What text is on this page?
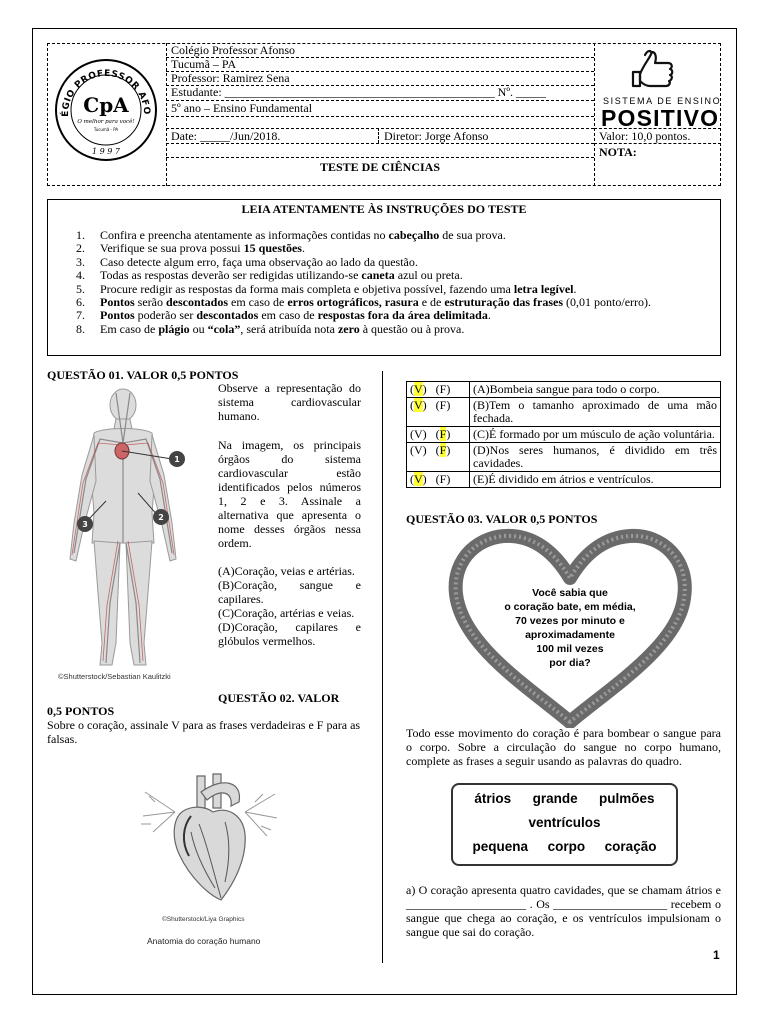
Colégio Professor Afonso
Tucumã – PA
Professor: Ramirez Sena
Estudante: _____________________________________________ Nº. _____
5º ano – Ensino Fundamental
Date: _____/Jun/2018.	Diretor: Jorge Afonso	Valor: 10,0 pontos.
NOTA:
TESTE DE CIÊNCIAS
ÉGIO PROFESSOR AFO
CpA
O melhor para você!
Tucumã - PA
1 9 9 7
SISTEMA DE ENSINO
POSITIVO
LEIA ATENTAMENTE ÀS INSTRUÇÕES DO TESTE
1. Confira e preencha atentamente as informações contidas no cabeçalho de sua prova.
2. Verifique se sua prova possui 15 questões.
3. Caso detecte algum erro, faça uma observação ao lado da questão.
4. Todas as respostas deverão ser redigidas utilizando-se caneta azul ou preta.
5. Procure redigir as respostas da forma mais completa e objetiva possível, fazendo uma letra legível.
6. Pontos serão descontados em caso de erros ortográficos, rasura e de estruturação das frases (0,01 ponto/erro).
7. Pontos poderão ser descontados em caso de respostas fora da área delimitada.
8. Em caso de plágio ou “cola”, será atribuída nota zero à questão ou à prova.
QUESTÃO 01. VALOR 0,5 PONTOS
Observe a representação do sistema cardiovascular humano.
Na imagem, os principais órgãos do sistema cardiovascular estão identificados pelos números 1, 2 e 3. Assinale a alternativa que apresenta o nome desses órgãos nessa ordem.
(A)Coração, veias e artérias.
(B)Coração, sangue e capilares.
(C)Coração, artérias e veias.
(D)Coração, capilares e glóbulos vermelhos.
1
2
3
©Shutterstock/Sebastian Kaulitzki
QUESTÃO 02. VALOR
0,5 PONTOS
Sobre o coração, assinale V para as frases verdadeiras e F para as falsas.
©Shutterstock/Liya Graphics
Anatomia do coração humano
(V) (F)	(A)Bombeia sangue para todo o corpo.
(V) (F)	(B)Tem o tamanho aproximado de uma mão fechada.
(V) (F)	(C)É formado por um músculo de ação voluntária.
(V) (F)	(D)Nos seres humanos, é dividido em três cavidades.
(V) (F)	(E)É dividido em átrios e ventrículos.
QUESTÃO 03. VALOR 0,5 PONTOS
Você sabia que
o coração bate, em média,
70 vezes por minuto e
aproximadamente
100 mil vezes
por dia?
Todo esse movimento do coração é para bombear o sangue para o corpo. Sobre a circulação do sangue no corpo humano, complete as frases a seguir usando as palavras do quadro.
átrios grande pulmões
ventrículos
pequena corpo coração
a) O coração apresenta quatro cavidades, que se chamam átrios e ____________________ . Os ___________________ recebem o sangue que chega ao coração, e os ventrículos impulsionam o sangue que sai do coração.
1
